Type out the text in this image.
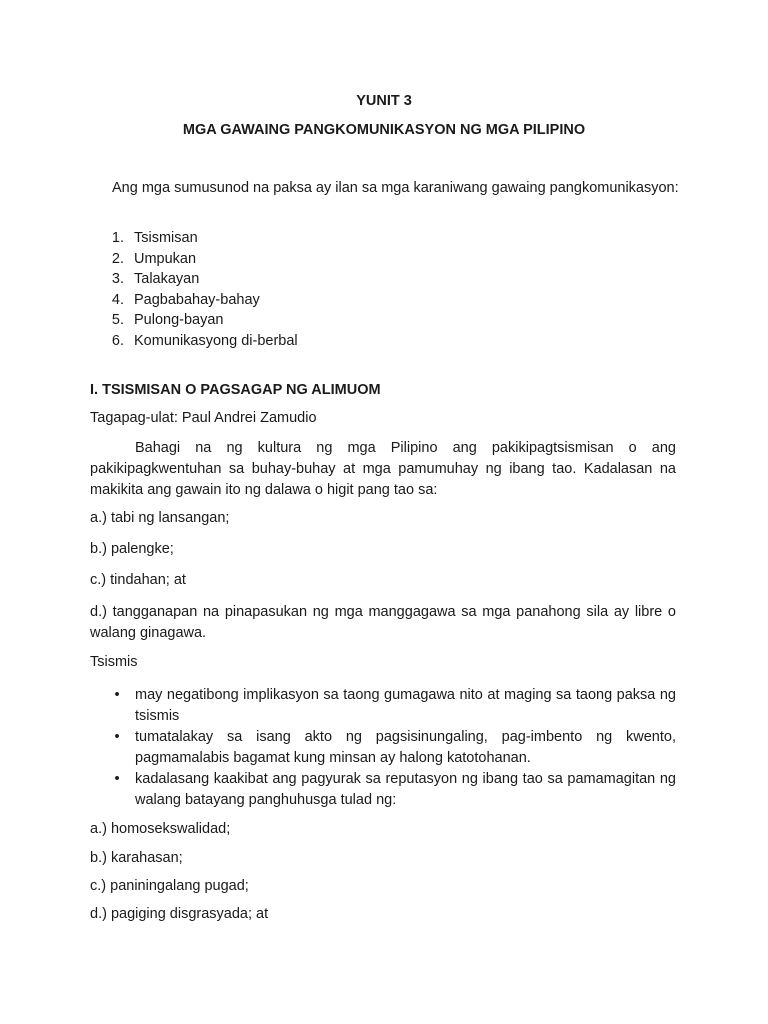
YUNIT 3
MGA GAWAING PANGKOMUNIKASYON NG MGA PILIPINO
Ang mga sumusunod na paksa ay ilan sa mga karaniwang gawaing pangkomunikasyon:
1. Tsismisan
2. Umpukan
3. Talakayan
4. Pagbabahay-bahay
5. Pulong-bayan
6. Komunikasyong di-berbal
I. TSISMISAN O PAGSAGAP NG ALIMUOM
Tagapag-ulat: Paul Andrei Zamudio
Bahagi na ng kultura ng mga Pilipino ang pakikipagtsismisan o ang pakikipagkwentuhan sa buhay-buhay at mga pamumuhay ng ibang tao. Kadalasan na makikita ang gawain ito ng dalawa o higit pang tao sa:
a.) tabi ng lansangan;
b.) palengke;
c.) tindahan; at
d.) tangganapan na pinapasukan ng mga manggagawa sa mga panahong sila ay libre o walang ginagawa.
Tsismis
• may negatibong implikasyon sa taong gumagawa nito at maging sa taong paksa ng tsismis
• tumatalakay sa isang akto ng pagsisinungaling, pag-imbento ng kwento, pagmamalabis bagamat kung minsan ay halong katotohanan.
• kadalasang kaakibat ang pagyurak sa reputasyon ng ibang tao sa pamamagitan ng walang batayang panghuhusga tulad ng:
a.) homosekswalidad;
b.) karahasan;
c.) paniningalang pugad;
d.) pagiging disgrasyada; at
